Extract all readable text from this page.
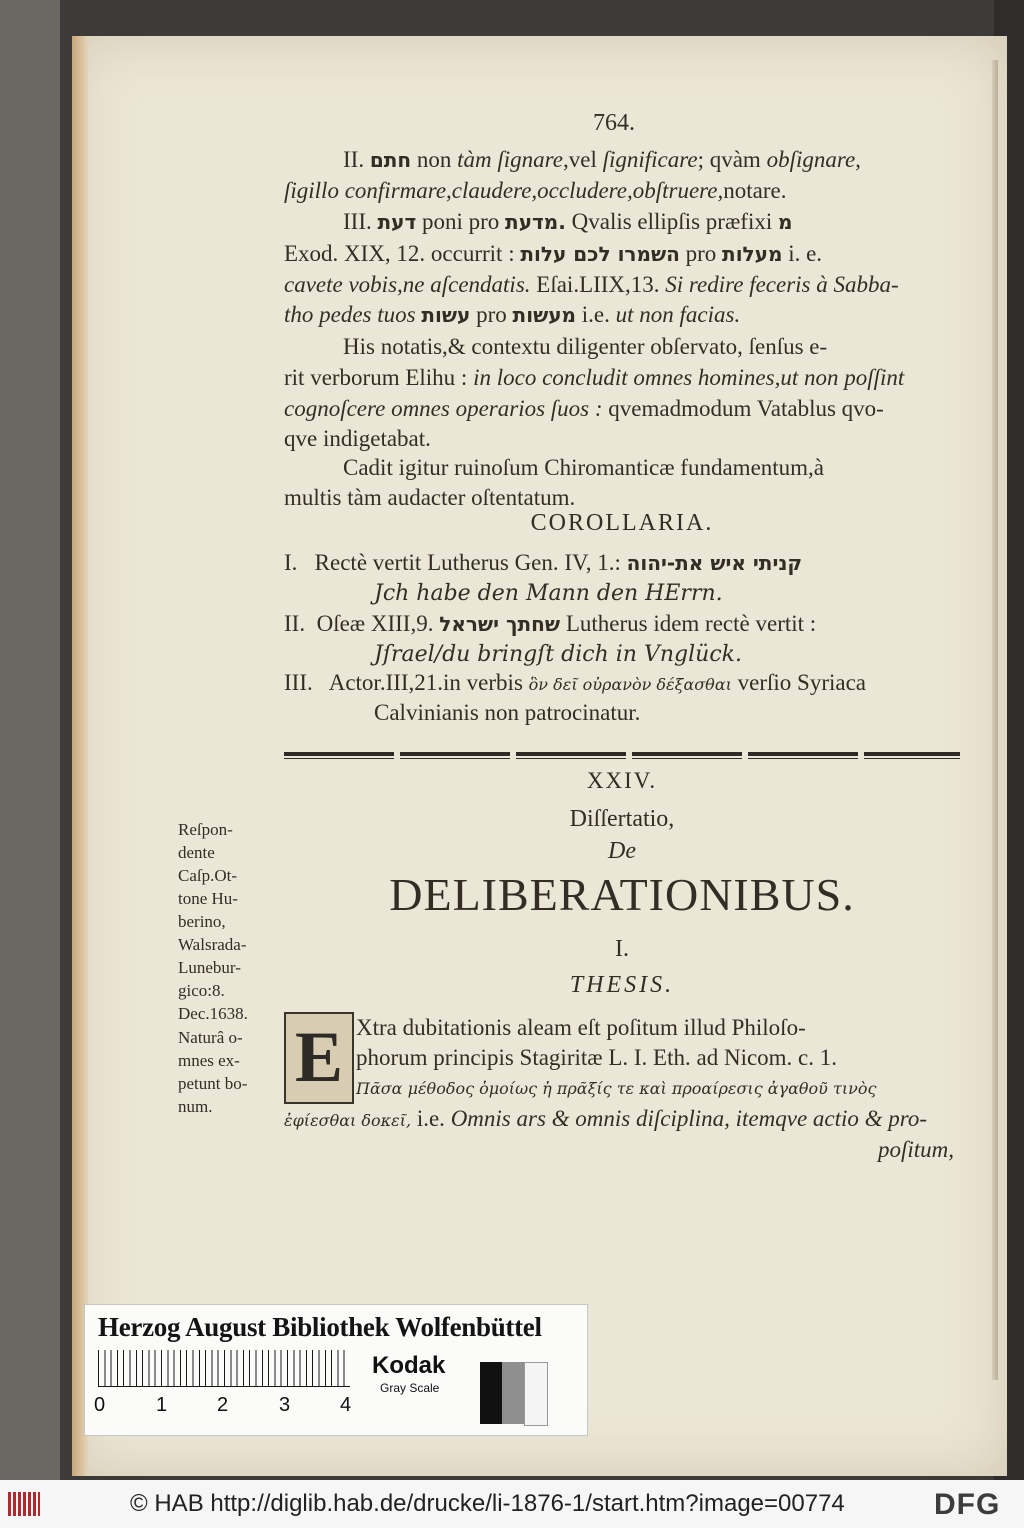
764.
II. חתם non tàm ſignare,vel ſignificare; qvàm obſignare,
ſigillo confirmare,claudere,occludere,obſtruere,notare.
III. דעת poni pro מדעת. Qvalis ellipſis præfixi מ
Exod. XIX, 12. occurrit : השמרו לכם עלות pro מעלות i. e.
cavete vobis,ne aſcendatis. Eſai.LIIX,13. Si redire feceris à Sabba-
tho pedes tuos עשות pro מעשות i.e. ut non facias.
His notatis,& contextu diligenter obſervato, ſenſus e-
rit verborum Elihu : in loco concludit omnes homines,ut non poſſint
cognoſcere omnes operarios ſuos : qvemadmodum Vatablus qvo-
qve indigetabat.
Cadit igitur ruinoſum Chiromanticæ fundamentum,à
multis tàm audacter oſtentatum.
COROLLARIA.
I. Rectè vertit Lutherus Gen. IV, 1.: קניתי איש את-יהוה
Jch habe den Mann den HErrn.
II. Oſeæ XIII,9. שחתך ישראל Lutherus idem rectè vertit :
Jſrael/du bringſt dich in Vnglück.
III. Actor.III,21.in verbis ὃν δεῖ οὐρανὸν δέξασθαι verſio Syriaca
Calvinianis non patrocinatur.
XXIV.
Diſſertatio,
De
DELIBERATIONIBUS.
I.
THESIS.
Reſpon-
dente
Caſp.Ot-
tone Hu-
berino,
Walsrada-
Lunebur-
gico:8.
Dec.1638.
Naturâ o-
mnes ex-
petunt bo-
num.
E Xtra dubitationis aleam eſt poſitum illud Philoſo-
phorum principis Stagiritæ L. I. Eth. ad Nicom. c. 1.
Πᾶσα μέθοδος ὁμοίως ἡ πρᾶξίς τε καὶ προαίρεσις ἀγαθοῦ τινὸς
ἐφίεσθαι δοκεῖ, i.e. Omnis ars & omnis diſciplina, itemqve actio & pro-
poſitum,
Herzog August Bibliothek Wolfenbüttel
0	1 2	3 4
Kodak
Gray Scale
© HAB http://diglib.hab.de/drucke/li-1876-1/start.htm?image=00774	DFG
